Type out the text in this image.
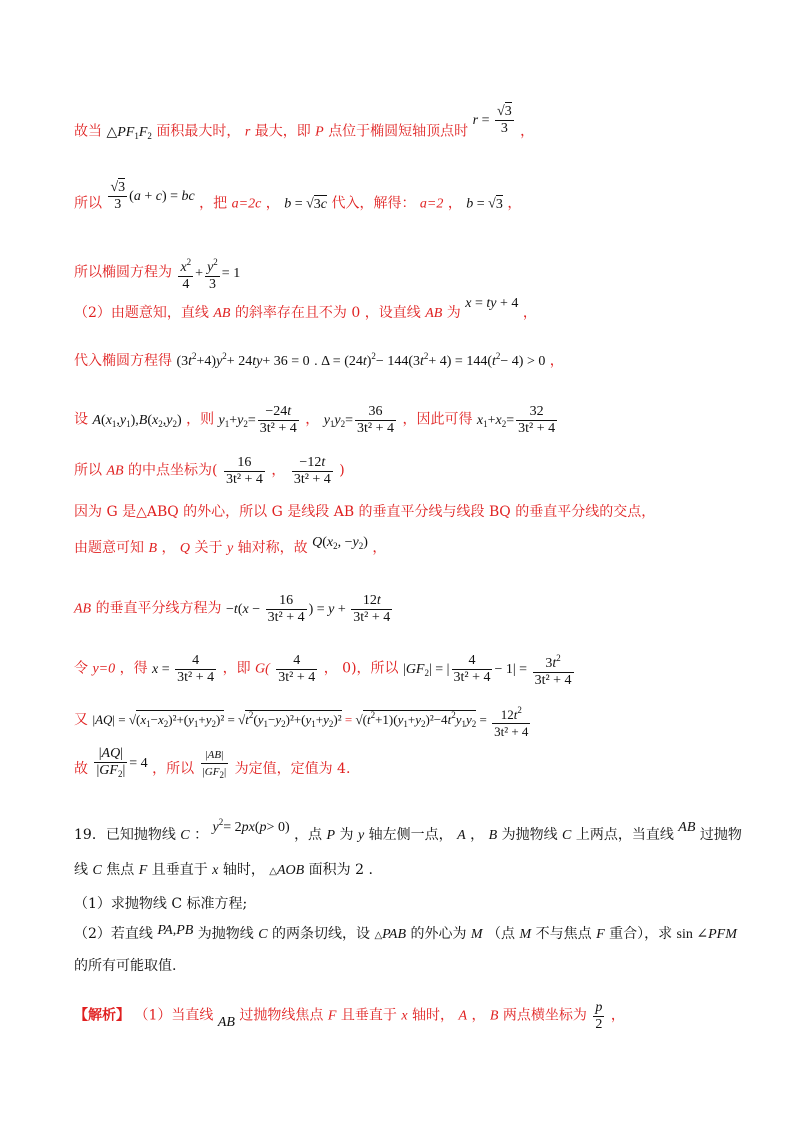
故当 $\triangle PF_1F_2$ 面积最大时， r 最大，即 P 点位于椭圆短轴顶点时 $r = \frac{√3}{3}$ ，
所以 $\frac{√3}{3} (a + c)$ = bc ，把 a=2c ， b = √3c 代入，解得： a=2 ， b = √3 ，
所以椭圆方程为 $\frac{x^2}{4} + \frac{y^2}{3} = 1$
（2）由题意知，直线 AB 的斜率存在且不为 0 ，设直线 AB 为 x = ty + 4 ，
代入椭圆方程得 $(3t^2+4)y^2+ 24ty+ 36 = 0$ . $\Delta = (24t)^2- 144(3t^2+ 4) = 144(t^2- 4) > 0$ ，
设 $A(x_1,y_1),B(x_2,y_2)$ ，则 $y_1+y_2= \frac{-24t}{\text{3t² + 4}}$ ， $y_1y_2= \frac{36}{\text{3t² + 4}}$ ，因此可得 $x_1+x_2= \frac{32}{\text{3t² + 4}}$
所以 AB 的中点坐标为( $\frac{16}{\text{3t² + 4}}$ ， $\frac{-12t}{\text{3t² + 4}}$ )
因为 G 是△ABQ 的外心，所以 G 是线段 AB 的垂直平分线与线段 BQ 的垂直平分线的交点，
由题意可知 B ， Q 关于 y 轴对称，故 $Q(x_2$, $-y_2$) ，
AB 的垂直平分线方程为 $-t(x - \frac{16}{\text{3t² + 4}}$ ) = $y + \frac{12t}{\text{3t² + 4}}$
令 y=0 ，得 $x = \frac{4}{\text{3t² + 4}}$ ，即 $G( \frac{4}{\text{3t² + 4}}$ ， 0)，所以 $|GF_2|$ = | $\frac{4}{\text{3t² + 4}} - 1| = \frac{3t^2}{\text{3t² + 4}}$
又 $|AQ| = √(x_1-x_2)^2+(y_1+y_2)^2 = √t^2(y_1-y_2)^2+(y_1+y_2)^2 = √(t^2+1)(y_1+y_2)^2-4t^2y_1y_2 = \frac{12t^2}{\text{3t² + 4}}$
故 $\frac{|AQ|}{|GF_2|} = 4$ ，所以 $^{\frac{|AB|}{|GF_2|}}$ 为定值，定值为 4.
19．已知抛物线 C ： $y^2= 2px(p> 0)$ ，点 P 为 y 轴左侧一点， A ， B 为抛物线 C 上两点，当直线 AB 过抛物
线 C 焦点 F 且垂直于 x 轴时， △AOB 面积为 2 .
（1）求抛物线 C 标准方程;
（2）若直线 PA,PB 为抛物线 C 的两条切线，设 △PAB 的外心为 M （点 M 不与焦点 F 重合），求 sin ∠PFM
的所有可能取值.
【解析】 （1）当直线 AB 过抛物线焦点 F 且垂直于 x 轴时， A ， B 两点横坐标为 $\frac{p}{2}$ ，
